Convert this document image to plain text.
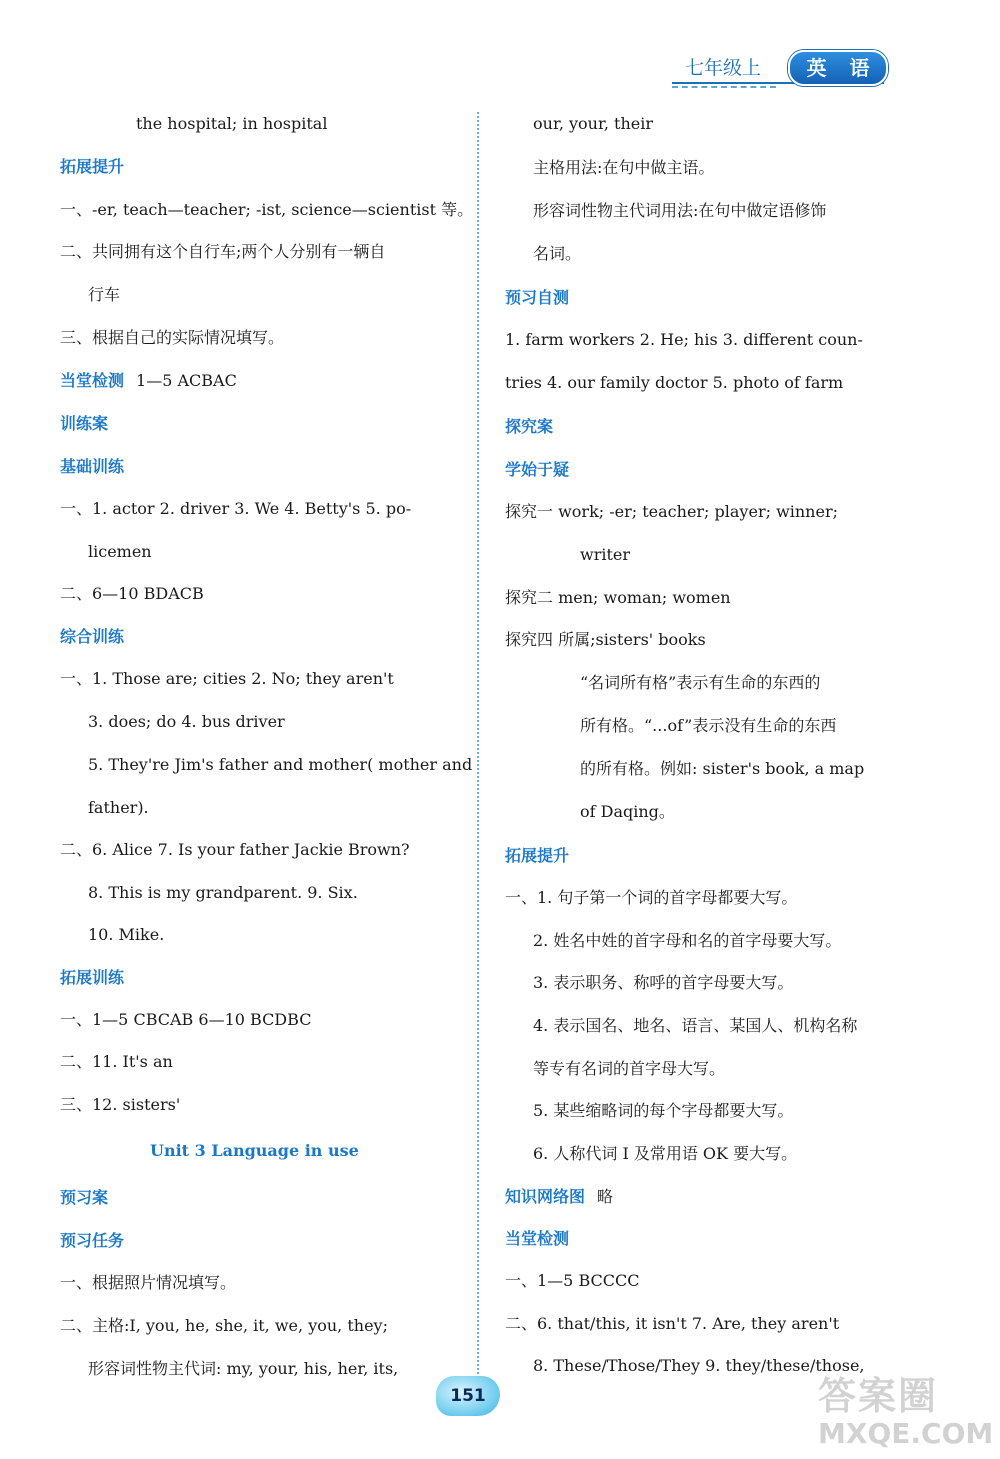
七年级上	英 语
the hospital; in hospital
拓展提升
一、-er, teach—teacher; -ist, science—scientist 等。
二、共同拥有这个自行车;两个人分别有一辆自
行车
三、根据自己的实际情况填写。
当堂检测 1—5 ACBAC
训练案
基础训练
一、1. actor 2. driver 3. We 4. Betty's 5. po-
licemen
二、6—10 BDACB
综合训练
一、1. Those are; cities 2. No; they aren't
3. does; do 4. bus driver
5. They're Jim's father and mother( mother and
father).
二、6. Alice 7. Is your father Jackie Brown?
8. This is my grandparent. 9. Six.
10. Mike.
拓展训练
一、1—5 CBCAB 6—10 BCDBC
二、11. It's an
三、12. sisters'
Unit 3 Language in use
预习案
预习任务
一、根据照片情况填写。
二、主格:I, you, he, she, it, we, you, they;
形容词性物主代词: my, your, his, her, its,
our, your, their
主格用法:在句中做主语。
形容词性物主代词用法:在句中做定语修饰
名词。
预习自测
1. farm workers 2. He; his 3. different coun-
tries 4. our family doctor 5. photo of farm
探究案
学始于疑
探究一 work; -er; teacher; player; winner;
writer
探究二 men; woman; women
探究四 所属;sisters' books
“名词所有格”表示有生命的东西的
所有格。“...of”表示没有生命的东西
的所有格。例如: sister's book, a map
of Daqing。
拓展提升
一、1. 句子第一个词的首字母都要大写。
2. 姓名中姓的首字母和名的首字母要大写。
3. 表示职务、称呼的首字母要大写。
4. 表示国名、地名、语言、某国人、机构名称
等专有名词的首字母大写。
5. 某些缩略词的每个字母都要大写。
6. 人称代词 I 及常用语 OK 要大写。
知识网络图 略
当堂检测
一、1—5 BCCCC
二、6. that/this, it isn't 7. Are, they aren't
8. These/Those/They 9. they/these/those,
151	答案圈
MXQE.COM
